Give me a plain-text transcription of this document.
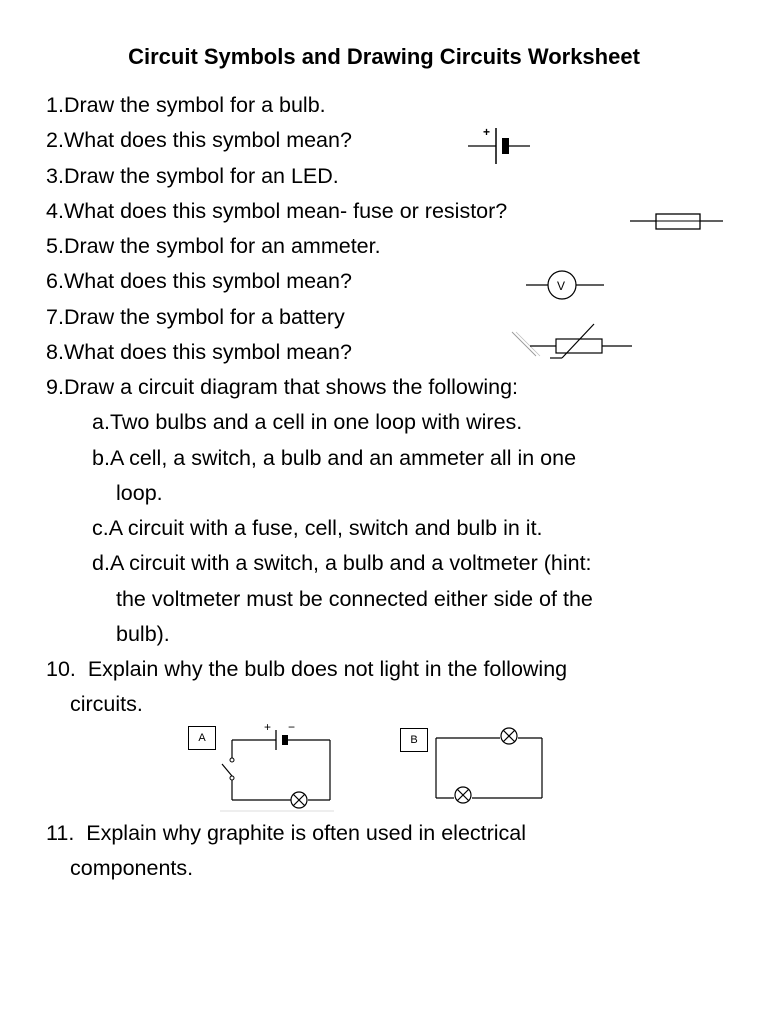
Circuit Symbols and Drawing Circuits Worksheet
1.Draw the symbol for a bulb.
2.What does this symbol mean?
3.Draw the symbol for an LED.
4.What does this symbol mean- fuse or resistor?
5.Draw the symbol for an ammeter.
6.What does this symbol mean?
7.Draw the symbol for a battery
8.What does this symbol mean?
9.Draw a circuit diagram that shows the following:
a.Two bulbs and a cell in one loop with wires.
b.A cell, a switch, a bulb and an ammeter all in one
loop.
c.A circuit with a fuse, cell, switch and bulb in it.
d.A circuit with a switch, a bulb and a voltmeter (hint:
the voltmeter must be connected either side of the
bulb).
10. Explain why the bulb does not light in the following
circuits.
11. Explain why graphite is often used in electrical
components.
+
V
A
+ −
B
